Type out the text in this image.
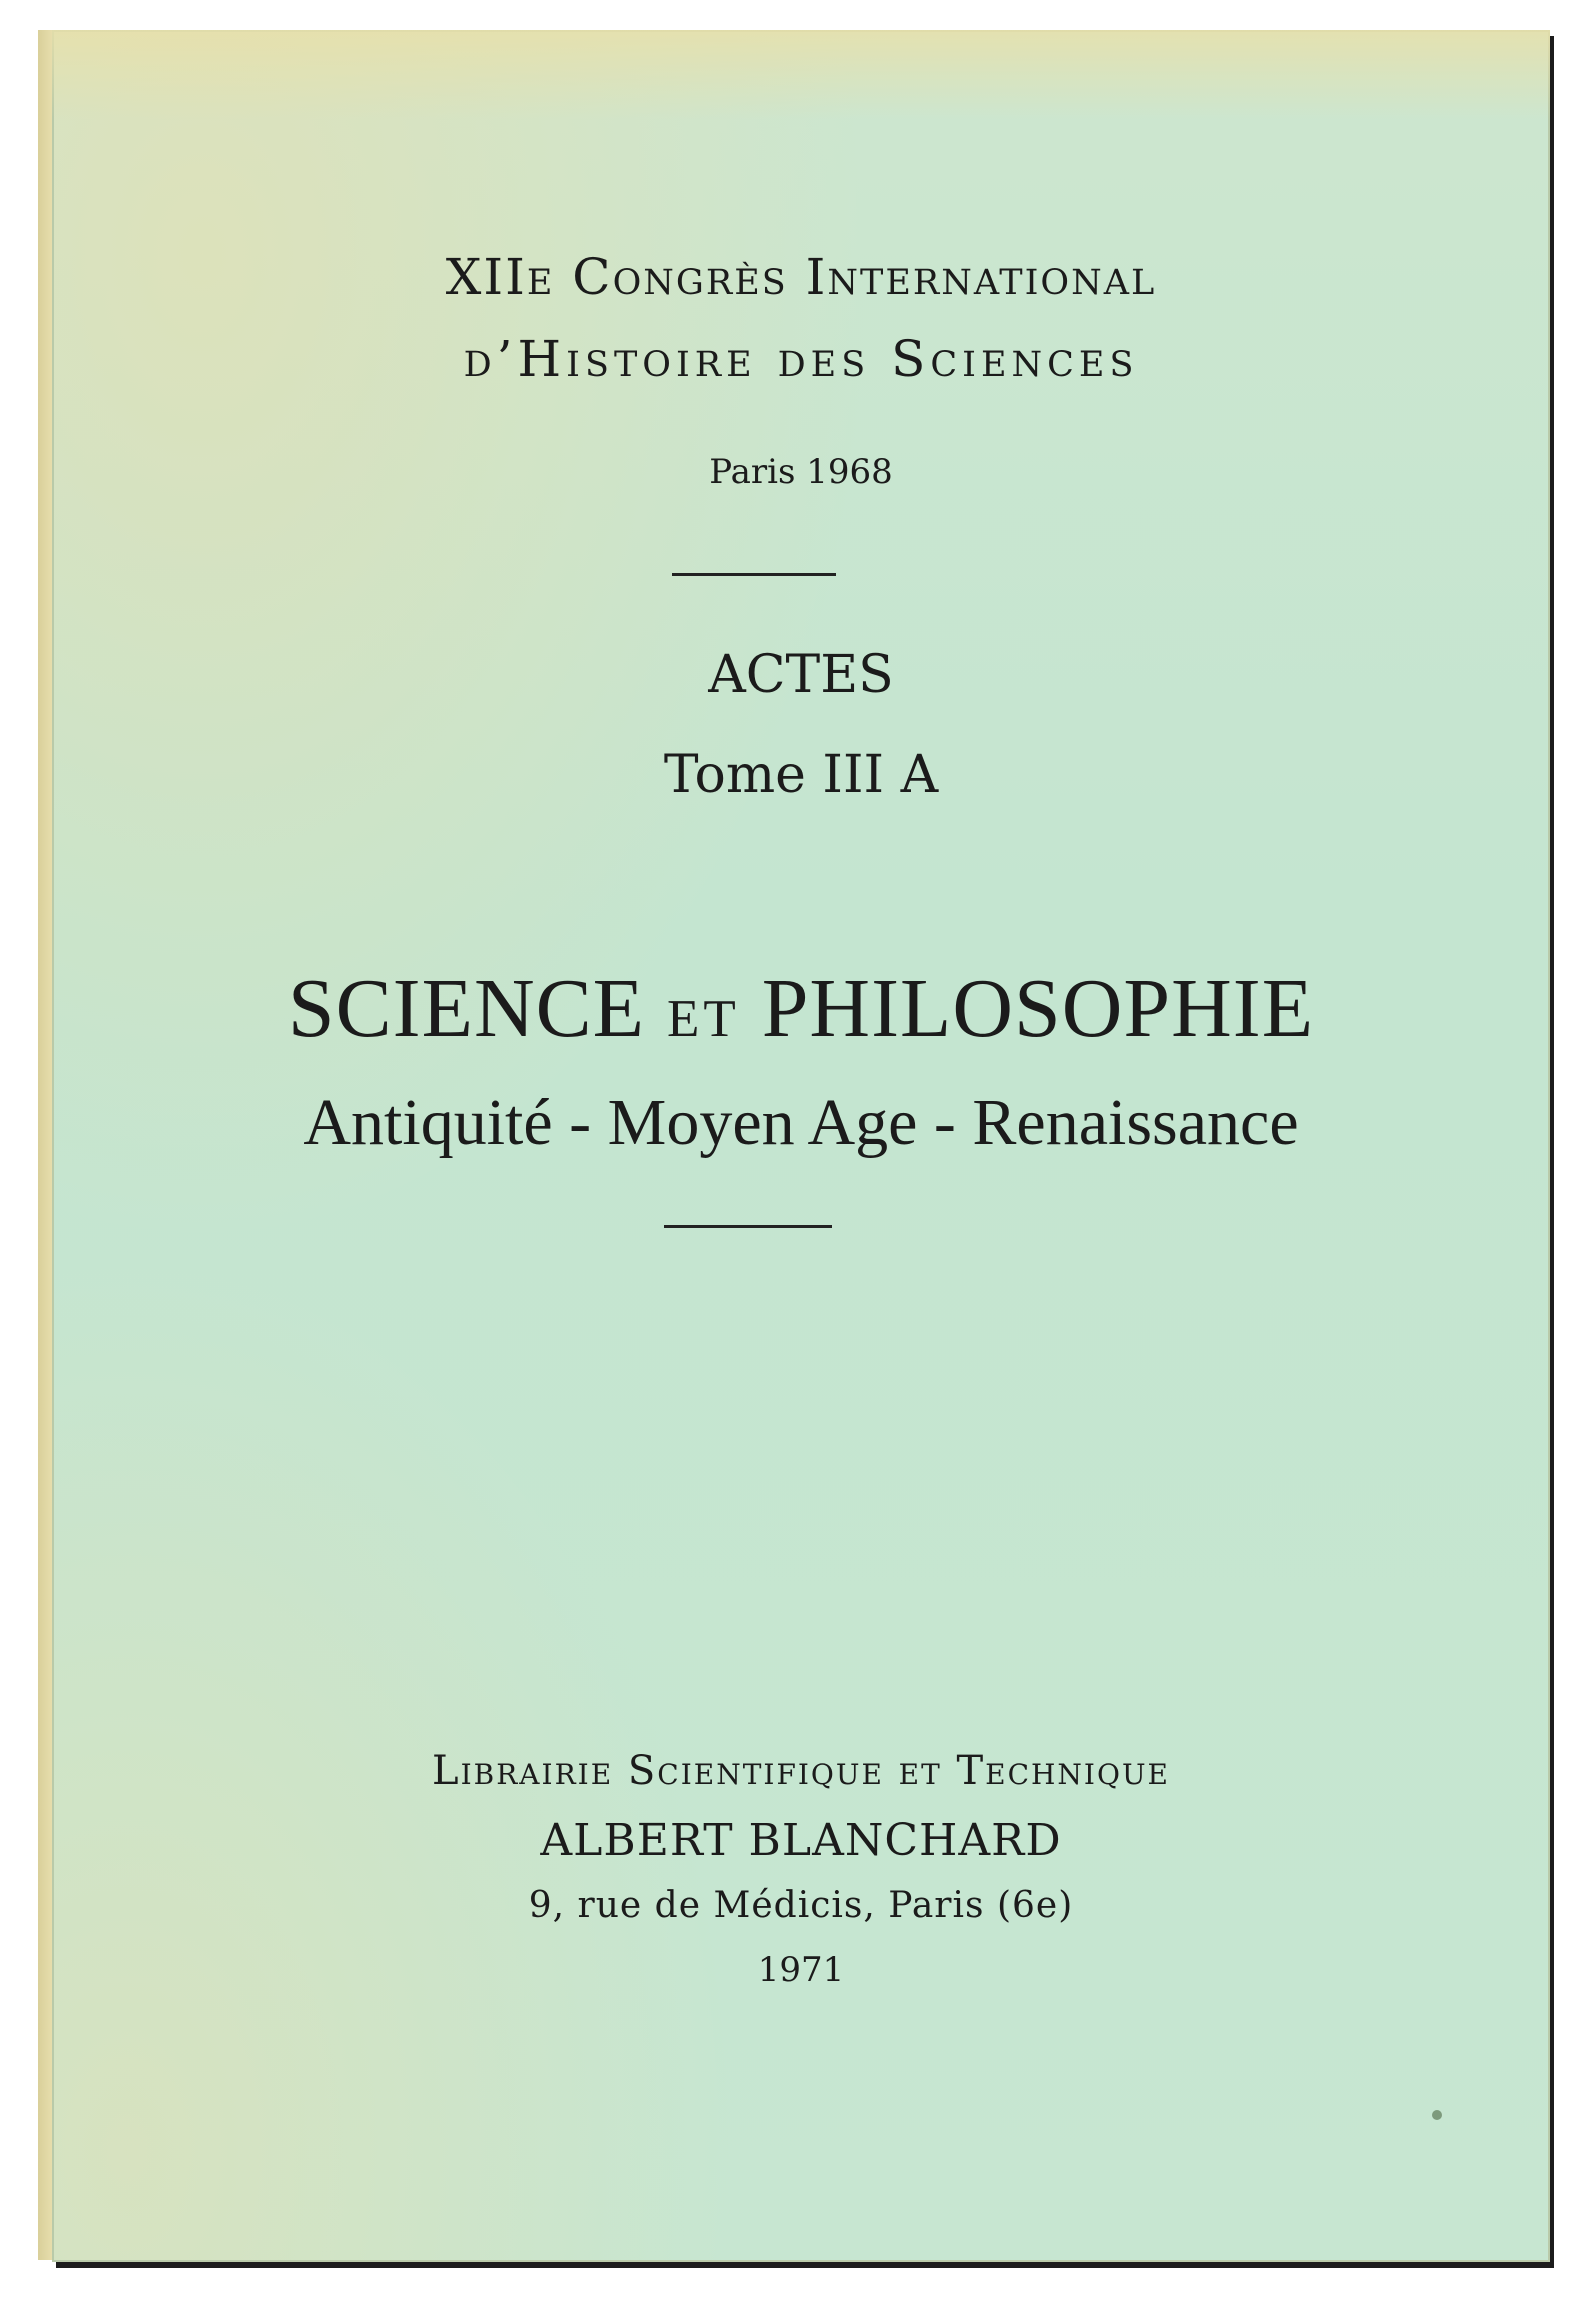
XIIe Congrès International
d’Histoire des Sciences
Paris 1968
ACTES
Tome III A
SCIENCE et PHILOSOPHIE
Antiquité - Moyen Age - Renaissance
Librairie Scientifique et Technique
ALBERT BLANCHARD
9, rue de Médicis, Paris (6e)
1971
